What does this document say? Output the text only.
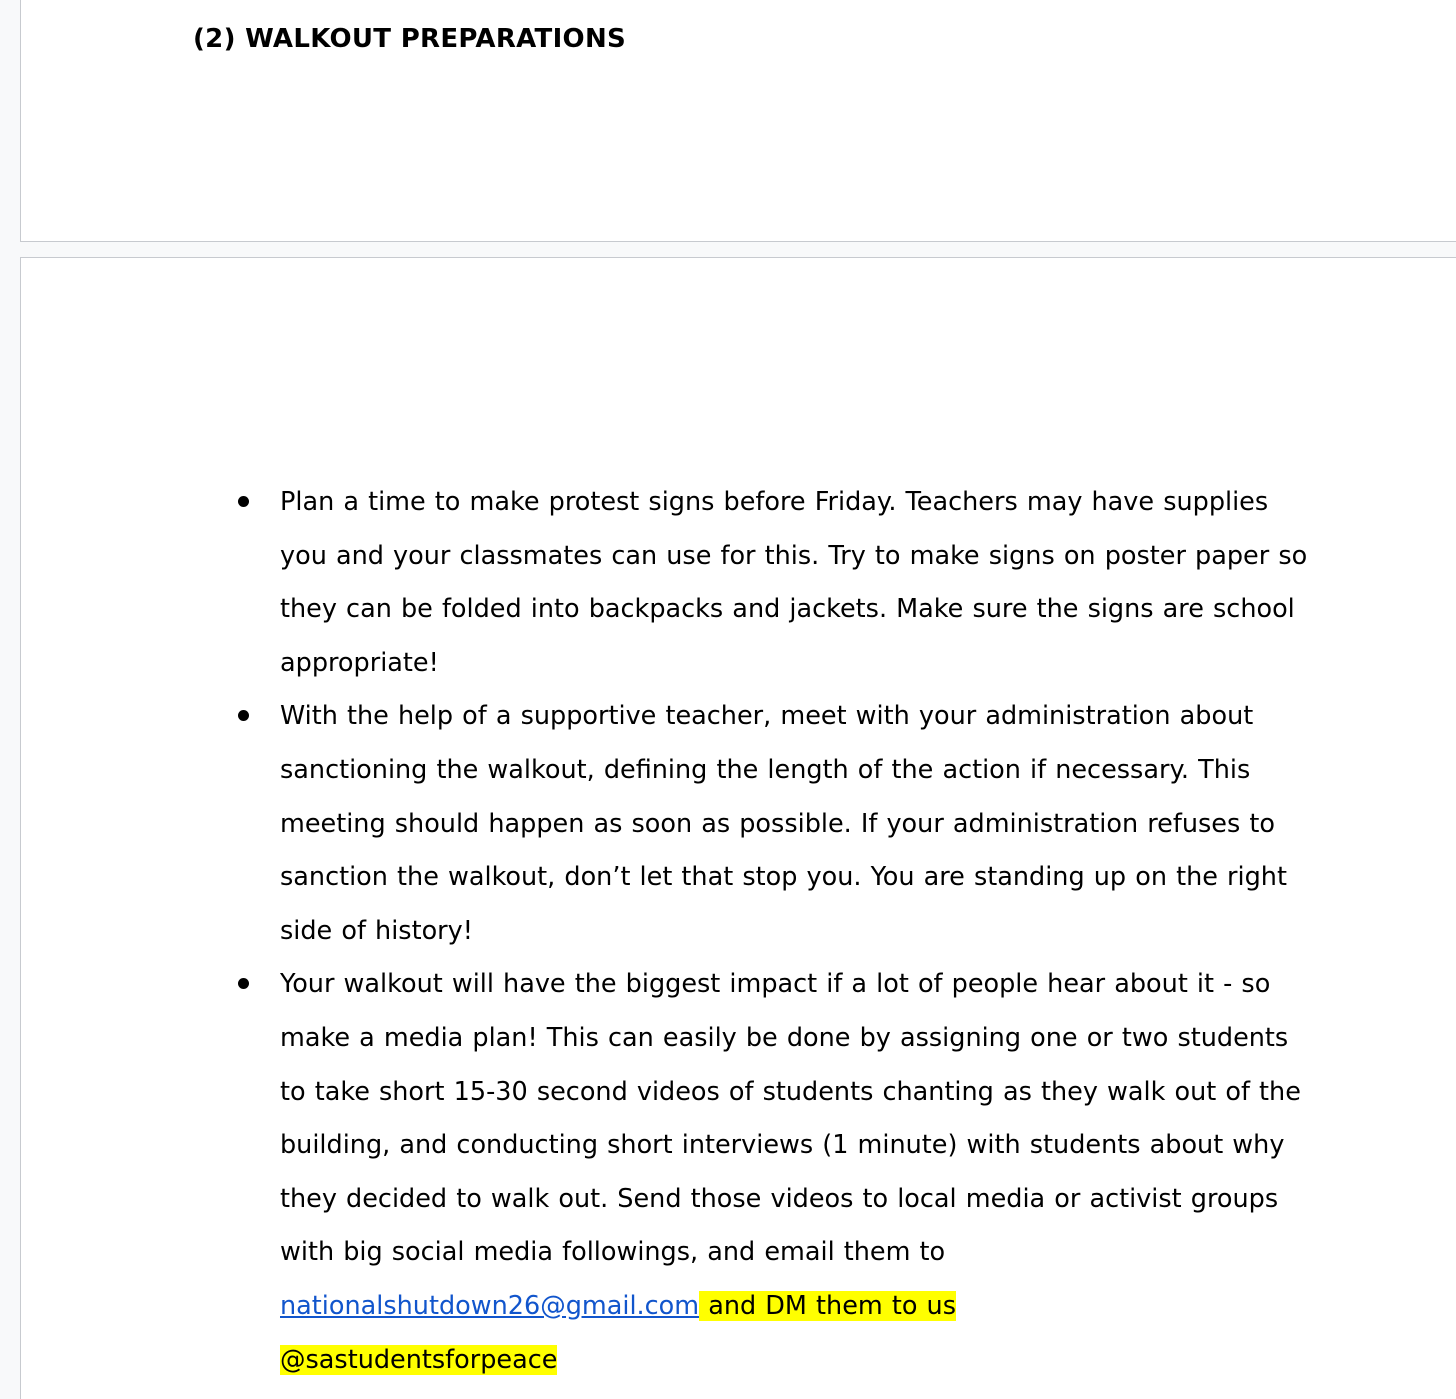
(2) WALKOUT PREPARATIONS
Plan a time to make protest signs before Friday. Teachers may have supplies you and your classmates can use for this. Try to make signs on poster paper so they can be folded into backpacks and jackets. Make sure the signs are school appropriate!
With the help of a supportive teacher, meet with your administration about sanctioning the walkout, defining the length of the action if necessary. This meeting should happen as soon as possible. If your administration refuses to sanction the walkout, don’t let that stop you. You are standing up on the right side of history!
Your walkout will have the biggest impact if a lot of people hear about it - so make a media plan! This can easily be done by assigning one or two students to take short 15-30 second videos of students chanting as they walk out of the building, and conducting short interviews (1 minute) with students about why they decided to walk out. Send those videos to local media or activist groups with big social media followings, and email them to nationalshutdown26@gmail.com and DM them to us
@sastudentsforpeace
